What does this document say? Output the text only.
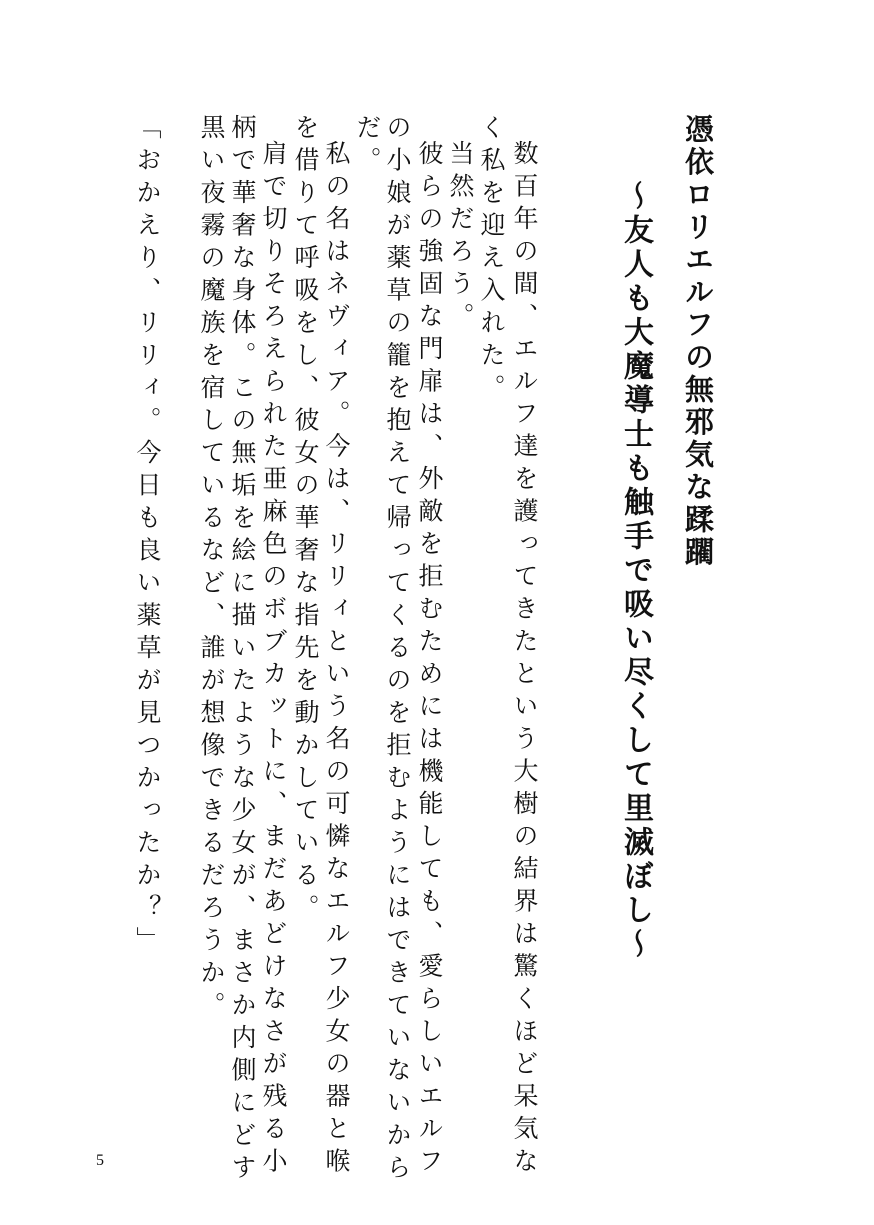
憑依ロリエルフの無邪気な蹂躙
～友人も大魔導士も触手で吸い尽くして里滅ぼし～
数百年の間、エルフ達を護ってきたという大樹の結界は驚くほど呆気な
く私を迎え入れた。
当然だろう。
彼らの強固な門扉は、外敵を拒むためには機能しても、愛らしいエルフ
の小娘が薬草の籠を抱えて帰ってくるのを拒むようにはできていないから
だ。
私の名はネヴィア。今は、リリィという名の可憐なエルフ少女の器と喉
を借りて呼吸をし、彼女の華奢な指先を動かしている。
肩で切りそろえられた亜麻色のボブカットに、まだあどけなさが残る小
柄で華奢な身体。この無垢を絵に描いたような少女が、まさか内側にどす
黒い夜霧の魔族を宿しているなど、誰が想像できるだろうか。
「おかえり、リリィ。今日も良い薬草が見つかったか？」
5
